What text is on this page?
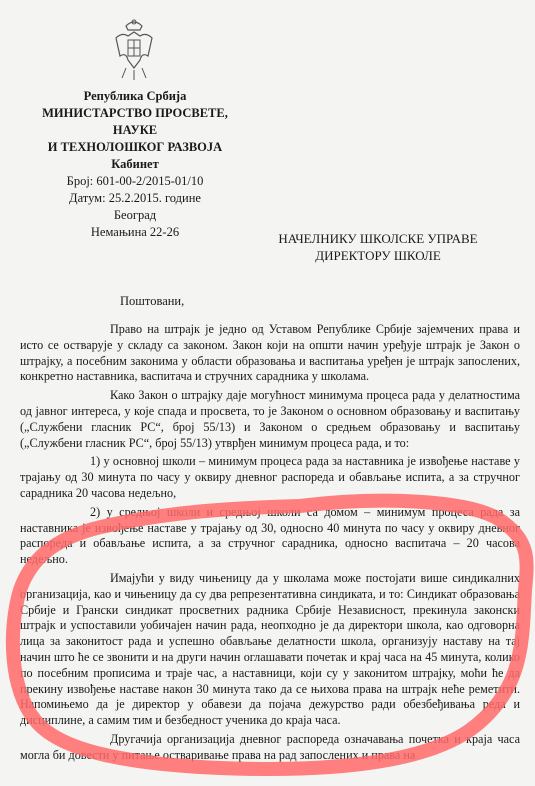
Република Србија
МИНИСТАРСТВО ПРОСВЕТЕ, НАУКЕ
И ТЕХНОЛОШКОГ РАЗВОЈА
Кабинет
Број: 601-00-2/2015-01/10
Датум: 25.2.2015. године
Београд
Немањина 22-26	НАЧЕЛНИКУ ШКОЛСКЕ УПРАВЕ
ДИРЕКТОРУ ШКОЛЕ
Поштовани,

Право на штрајк је једно од Уставом Републике Србије зајемчених права и исто се остварује у складу са законом. Закон који на општи начин уређује штрајк је Закон о штрајку, а посебним законима у области образовања и васпитања уређен је штрајк запослених, конкретно наставника, васпитача и стручних сарадника у школама.

Како Закон о штрајку даје могућност минимума процеса рада у делатностима од јавног интереса, у које спада и просвета, то је Законом о основном образовању и васпитању („Службени гласник РС“, број 55/13) и Законом о средњем образовању и васпитању („Службени гласник РС“, број 55/13) утврђен минимум процеса рада, и то:

1) у основној школи – минимум процеса рада за наставника је извођење наставе у трајању од 30 минута по часу у оквиру дневног распореда и обављање испита, а за стручног сарадника 20 часова недељно,

2) у средњој школи и средњој школи са домом – минимум процеса рада за наставника је извођење наставе у трајању од 30, односно 40 минута по часу у оквиру дневног распореда и обављање испита, а за стручног сарадника, односно васпитача – 20 часова недељно.

Имајући у виду чињеницу да у школама може постојати више синдикалних организација, као и чињеницу да су два репрезентативна синдиката, и то: Синдикат образовања Србије и Грански синдикат просветних радника Србије Независност, прекинула законски штрајк и успоставили уобичајен начин рада, неопходно је да директори школа, као одговорна лица за законитост рада и успешно обављање делатности школа, организују наставу на тај начин што ће се звонити и на други начин оглашавати почетак и крај часа на 45 минута, колико по посебним прописима и траје час, а наставници, који су у законитом штрајку, моћи ће да прекину извођење наставе након 30 минута тако да се њихова права на штрајк неће реметити. Напомињемо да је директор у обавези да појача дежурство ради обезбеђивања реда и дисциплине, а самим тим и безбедност ученика до краја часа.

Другачија организација дневног распореда означавања почетка и краја часа могла би довести у питање остваривање права на рад запослених и права на
